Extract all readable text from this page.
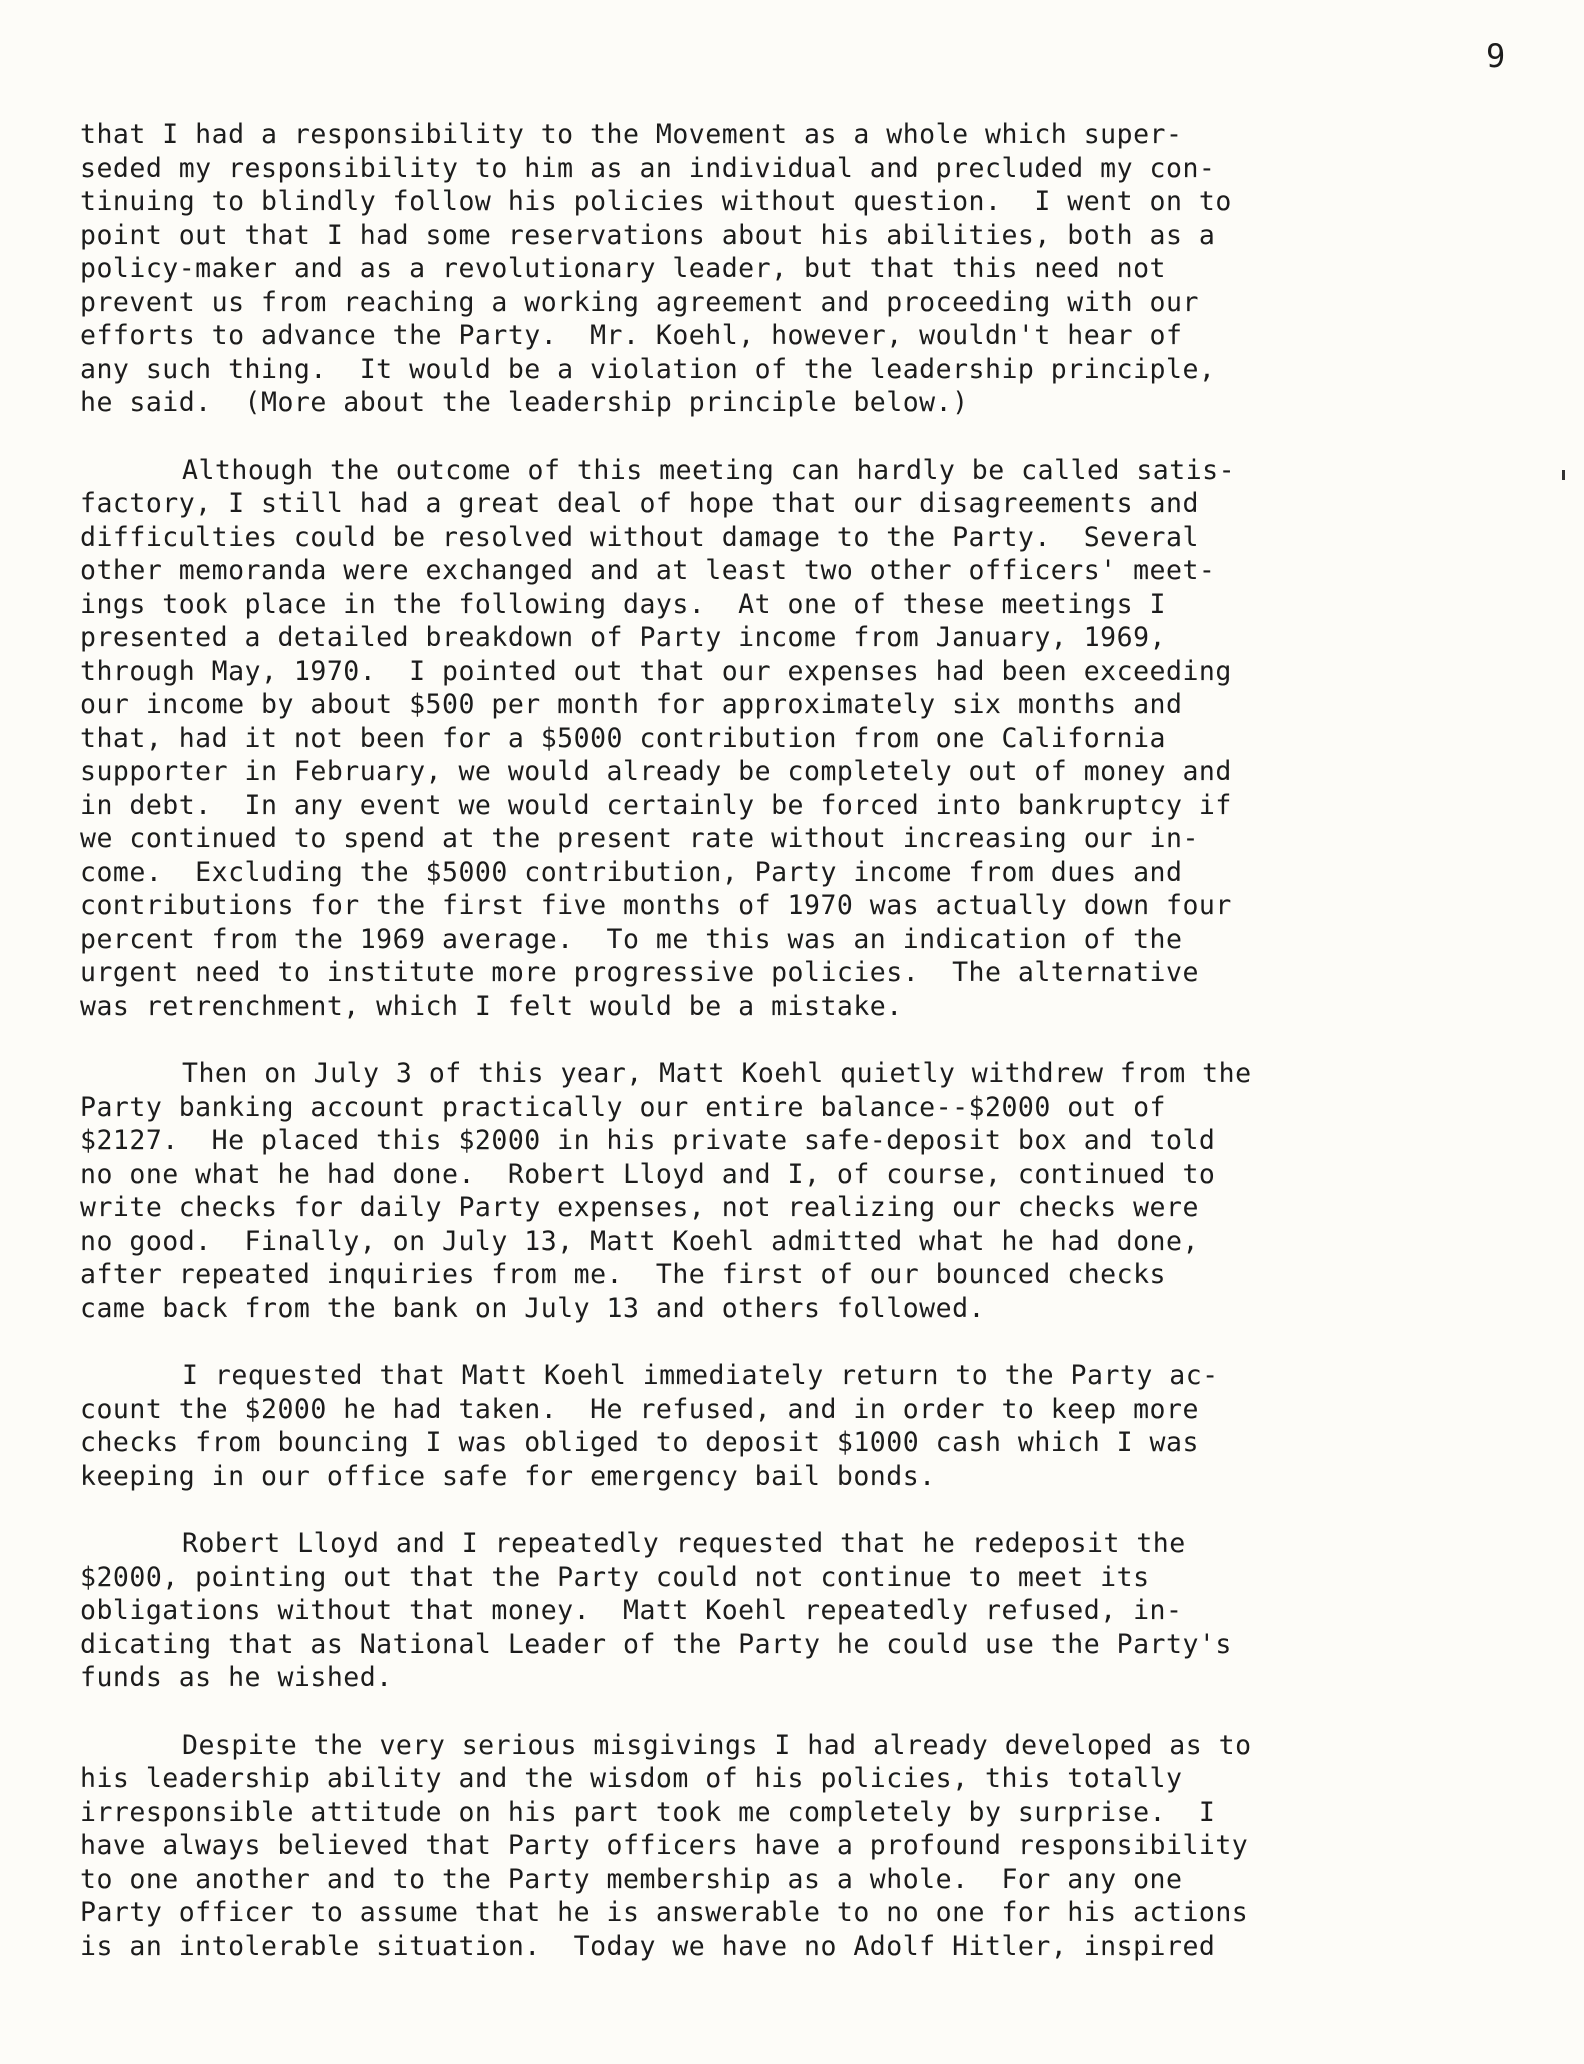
9
that I had a responsibility to the Movement as a whole which super-
seded my responsibility to him as an individual and precluded my con-
tinuing to blindly follow his policies without question.  I went on to
point out that I had some reservations about his abilities, both as a
policy-maker and as a revolutionary leader, but that this need not
prevent us from reaching a working agreement and proceeding with our
efforts to advance the Party.  Mr. Koehl, however, wouldn't hear of
any such thing.  It would be a violation of the leadership principle,
he said.  (More about the leadership principle below.)
Although the outcome of this meeting can hardly be called satis-
factory, I still had a great deal of hope that our disagreements and
difficulties could be resolved without damage to the Party.  Several
other memoranda were exchanged and at least two other officers' meet-
ings took place in the following days.  At one of these meetings I
presented a detailed breakdown of Party income from January, 1969,
through May, 1970.  I pointed out that our expenses had been exceeding
our income by about $500 per month for approximately six months and
that, had it not been for a $5000 contribution from one California
supporter in February, we would already be completely out of money and
in debt.  In any event we would certainly be forced into bankruptcy if
we continued to spend at the present rate without increasing our in-
come.  Excluding the $5000 contribution, Party income from dues and
contributions for the first five months of 1970 was actually down four
percent from the 1969 average.  To me this was an indication of the
urgent need to institute more progressive policies.  The alternative
was retrenchment, which I felt would be a mistake.
Then on July 3 of this year, Matt Koehl quietly withdrew from the
Party banking account practically our entire balance--$2000 out of
$2127.  He placed this $2000 in his private safe-deposit box and told
no one what he had done.  Robert Lloyd and I, of course, continued to
write checks for daily Party expenses, not realizing our checks were
no good.  Finally, on July 13, Matt Koehl admitted what he had done,
after repeated inquiries from me.  The first of our bounced checks
came back from the bank on July 13 and others followed.
I requested that Matt Koehl immediately return to the Party ac-
count the $2000 he had taken.  He refused, and in order to keep more
checks from bouncing I was obliged to deposit $1000 cash which I was
keeping in our office safe for emergency bail bonds.
Robert Lloyd and I repeatedly requested that he redeposit the
$2000, pointing out that the Party could not continue to meet its
obligations without that money.  Matt Koehl repeatedly refused, in-
dicating that as National Leader of the Party he could use the Party's
funds as he wished.
Despite the very serious misgivings I had already developed as to
his leadership ability and the wisdom of his policies, this totally
irresponsible attitude on his part took me completely by surprise.  I
have always believed that Party officers have a profound responsibility
to one another and to the Party membership as a whole.  For any one
Party officer to assume that he is answerable to no one for his actions
is an intolerable situation.  Today we have no Adolf Hitler, inspired
